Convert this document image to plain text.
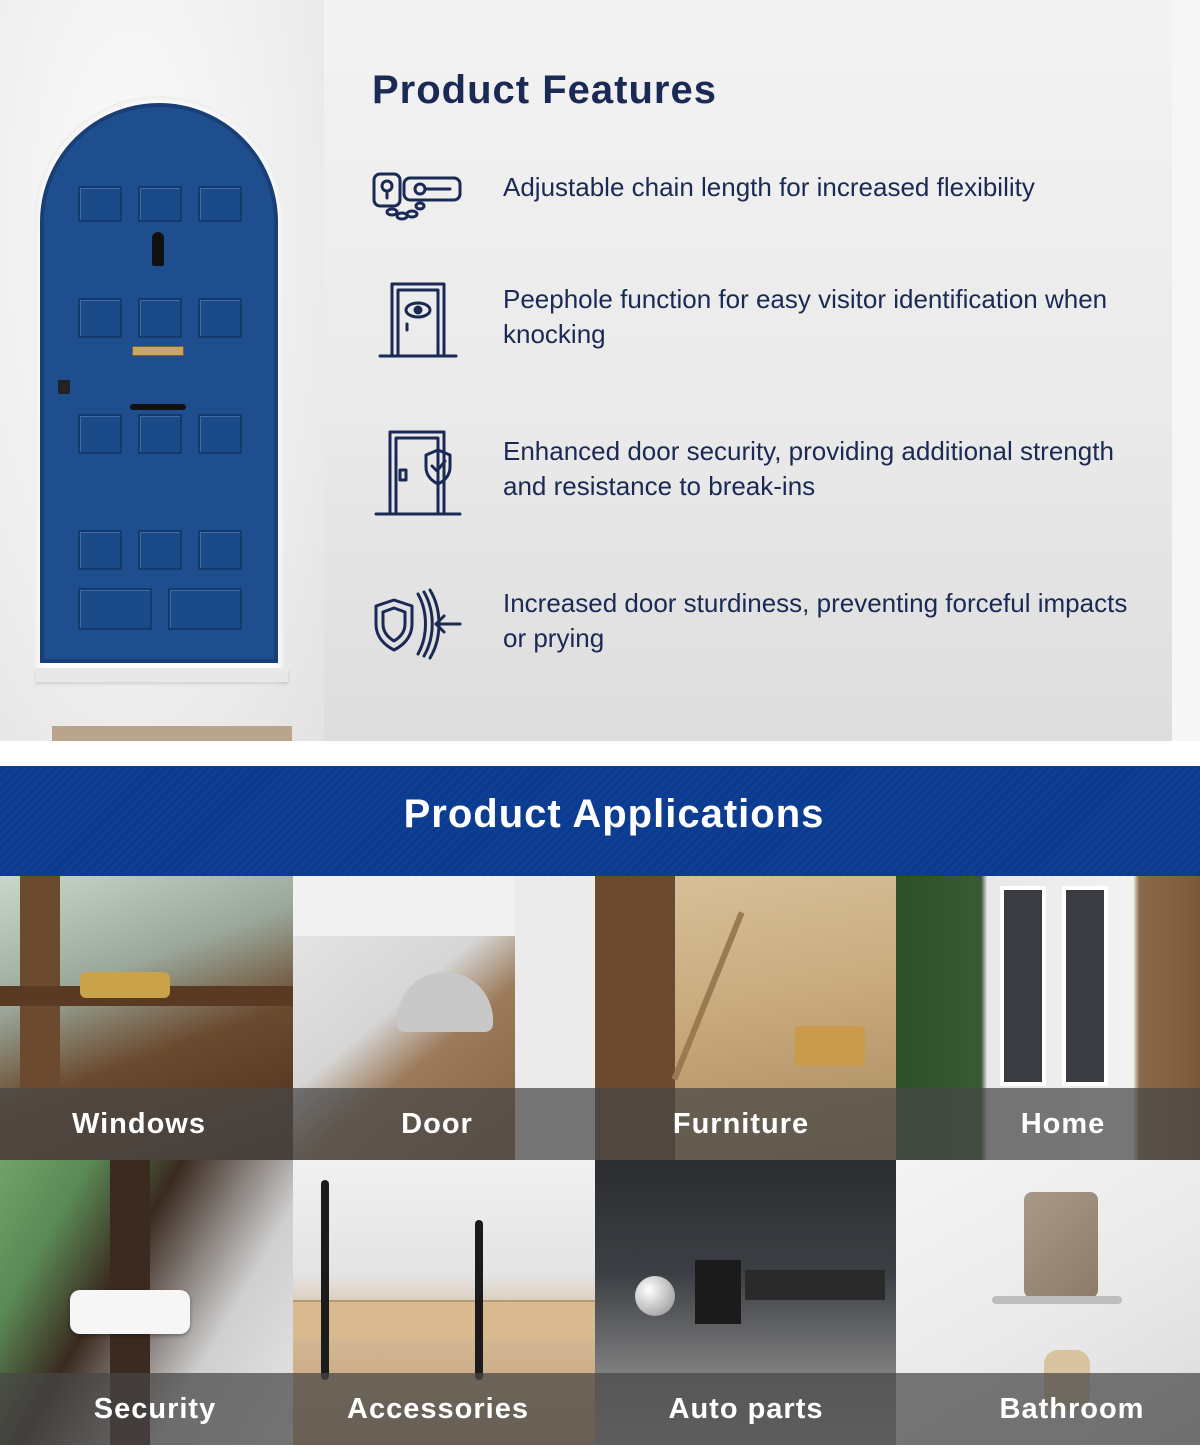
Product Features
Adjustable chain length for increased flexibility
Peephole function for easy visitor identification when knocking
Enhanced door security, providing additional strength and resistance to break-ins
Increased door sturdiness, preventing forceful impacts or prying
Product Applications
Windows	Door	Furniture	Home
Security	Accessories	Auto parts	Bathroom
